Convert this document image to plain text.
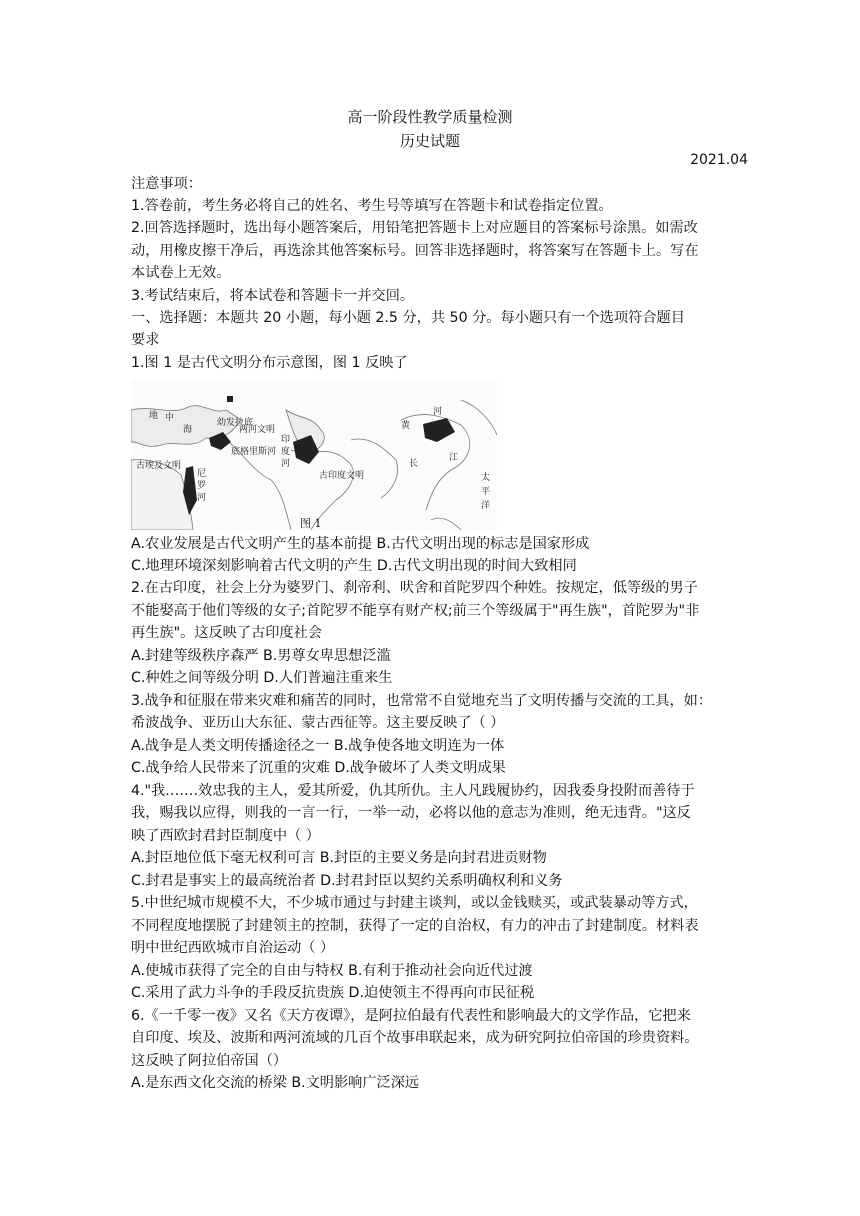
高一阶段性教学质量检测
历史试题
2021.04
注意事项：
1.答卷前，考生务必将自己的姓名、考生号等填写在答题卡和试卷指定位置。
2.回答选择题时，选出每小题答案后，用铅笔把答题卡上对应题目的答案标号涂黑。如需改
动，用橡皮擦干净后，再选涂其他答案标号。回答非选择题时，将答案写在答题卡上。写在
本试卷上无效。
3.考试结束后，将本试卷和答题卡一并交回。
一、选择题：本题共 20 小题，每小题 2.5 分，共 50 分。每小题只有一个选项符合题目
要求
1.图 1 是古代文明分布示意图，图 1 反映了
地 中
海
古埃及文明
尼
罗
河
幼发拉底
两河文明
底格里斯河
印
度
河
古印度文明
黄
河
长
江
太
平
洋
图 1
A.农业发展是古代文明产生的基本前提 B.古代文明出现的标志是国家形成
C.地理环境深刻影响着古代文明的产生 D.古代文明出现的时间大致相同
2.在古印度，社会上分为婆罗门、刹帝利、吠舍和首陀罗四个种姓。按规定，低等级的男子
不能娶高于他们等级的女子;首陀罗不能享有财产权;前三个等级属于"再生族"，首陀罗为"非
再生族"。这反映了古印度社会
A.封建等级秩序森严 B.男尊女卑思想泛滥
C.种姓之间等级分明 D.人们普遍注重来生
3.战争和征服在带来灾难和痛苦的同时，也常常不自觉地充当了文明传播与交流的工具，如：
希波战争、亚历山大东征、蒙古西征等。这主要反映了（ ）
A.战争是人类文明传播途径之一 B.战争使各地文明连为一体
C.战争给人民带来了沉重的灾难 D.战争破坏了人类文明成果
4."我.……效忠我的主人，爱其所爱，仇其所仇。主人凡践履协约，因我委身投附而善待于
我，赐我以应得，则我的一言一行，一举一动，必将以他的意志为准则，绝无违背。"这反
映了西欧封君封臣制度中（ ）
A.封臣地位低下毫无权利可言 B.封臣的主要义务是向封君进贡财物
C.封君是事实上的最高统治者 D.封君封臣以契约关系明确权利和义务
5.中世纪城市规模不大，不少城市通过与封建主谈判，或以金钱赎买，或武装暴动等方式，
不同程度地摆脱了封建领主的控制，获得了一定的自治权，有力的冲击了封建制度。材料表
明中世纪西欧城市自治运动（ ）
A.使城市获得了完全的自由与特权 B.有利于推动社会向近代过渡
C.采用了武力斗争的手段反抗贵族 D.迫使领主不得再向市民征税
6.《一千零一夜》又名《天方夜谭》，是阿拉伯最有代表性和影响最大的文学作品，它把来
自印度、埃及、波斯和两河流域的几百个故事串联起来，成为研究阿拉伯帝国的珍贵资料。
这反映了阿拉伯帝国（）
A.是东西文化交流的桥梁 B.文明影响广泛深远
